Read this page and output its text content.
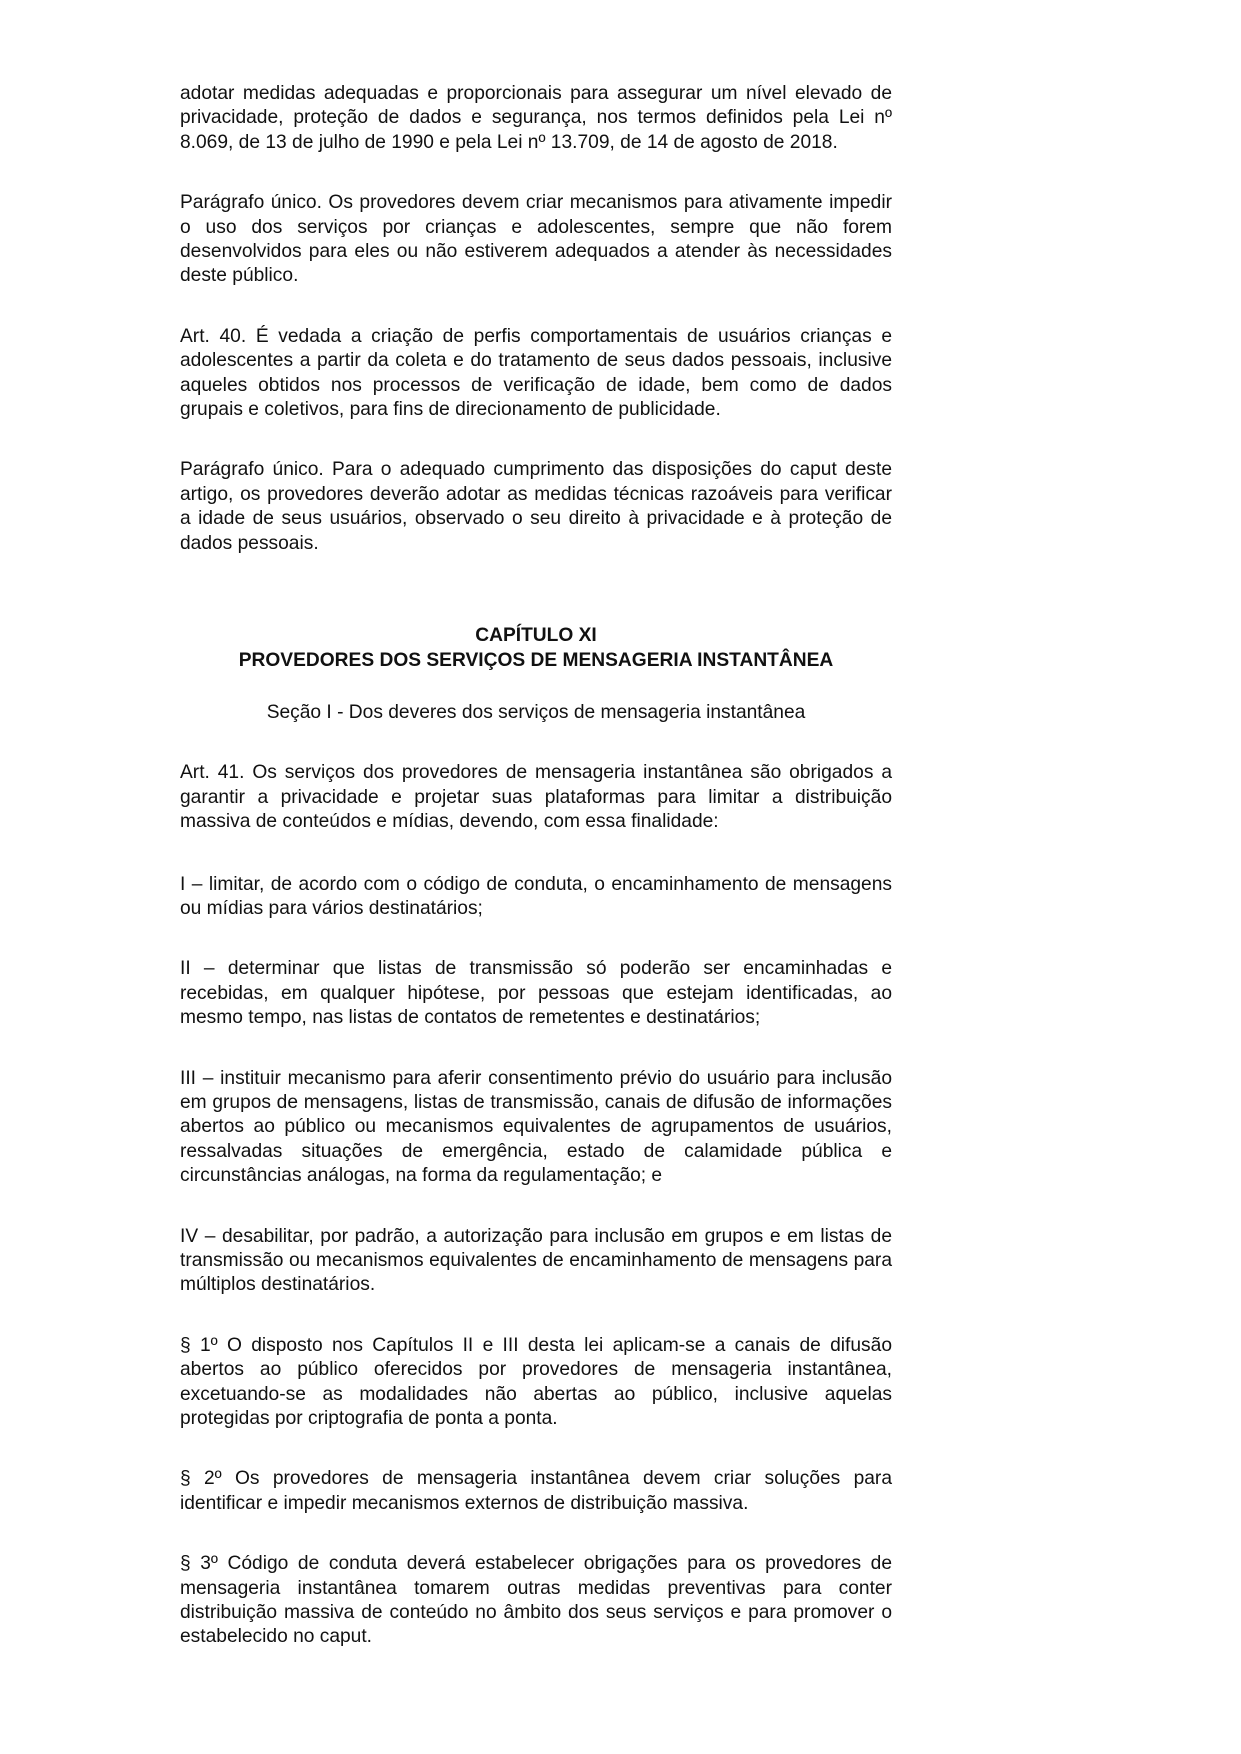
adotar medidas adequadas e proporcionais para assegurar um nível elevado de privacidade, proteção de dados e segurança, nos termos definidos pela Lei nº 8.069, de 13 de julho de 1990 e pela Lei nº 13.709, de 14 de agosto de 2018.

Parágrafo único. Os provedores devem criar mecanismos para ativamente impedir o uso dos serviços por crianças e adolescentes, sempre que não forem desenvolvidos para eles ou não estiverem adequados a atender às necessidades deste público.

Art. 40. É vedada a criação de perfis comportamentais de usuários crianças e adolescentes a partir da coleta e do tratamento de seus dados pessoais, inclusive aqueles obtidos nos processos de verificação de idade, bem como de dados grupais e coletivos, para fins de direcionamento de publicidade.

Parágrafo único. Para o adequado cumprimento das disposições do caput deste artigo, os provedores deverão adotar as medidas técnicas razoáveis para verificar a idade de seus usuários, observado o seu direito à privacidade e à proteção de dados pessoais.

CAPÍTULO XI

PROVEDORES DOS SERVIÇOS DE MENSAGERIA INSTANTÂNEA

Seção I - Dos deveres dos serviços de mensageria instantânea

Art. 41. Os serviços dos provedores de mensageria instantânea são obrigados a garantir a privacidade e projetar suas plataformas para limitar a distribuição massiva de conteúdos e mídias, devendo, com essa finalidade:

I – limitar, de acordo com o código de conduta, o encaminhamento de mensagens ou mídias para vários destinatários;

II – determinar que listas de transmissão só poderão ser encaminhadas e recebidas, em qualquer hipótese, por pessoas que estejam identificadas, ao mesmo tempo, nas listas de contatos de remetentes e destinatários;

III – instituir mecanismo para aferir consentimento prévio do usuário para inclusão em grupos de mensagens, listas de transmissão, canais de difusão de informações abertos ao público ou mecanismos equivalentes de agrupamentos de usuários, ressalvadas situações de emergência, estado de calamidade pública e circunstâncias análogas, na forma da regulamentação; e

IV – desabilitar, por padrão, a autorização para inclusão em grupos e em listas de transmissão ou mecanismos equivalentes de encaminhamento de mensagens para múltiplos destinatários.

§ 1º O disposto nos Capítulos II e III desta lei aplicam-se a canais de difusão abertos ao público oferecidos por provedores de mensageria instantânea, excetuando-se as modalidades não abertas ao público, inclusive aquelas protegidas por criptografia de ponta a ponta.

§ 2º Os provedores de mensageria instantânea devem criar soluções para identificar e impedir mecanismos externos de distribuição massiva.

§ 3º Código de conduta deverá estabelecer obrigações para os provedores de mensageria instantânea tomarem outras medidas preventivas para conter distribuição massiva de conteúdo no âmbito dos seus serviços e para promover o estabelecido no caput.
